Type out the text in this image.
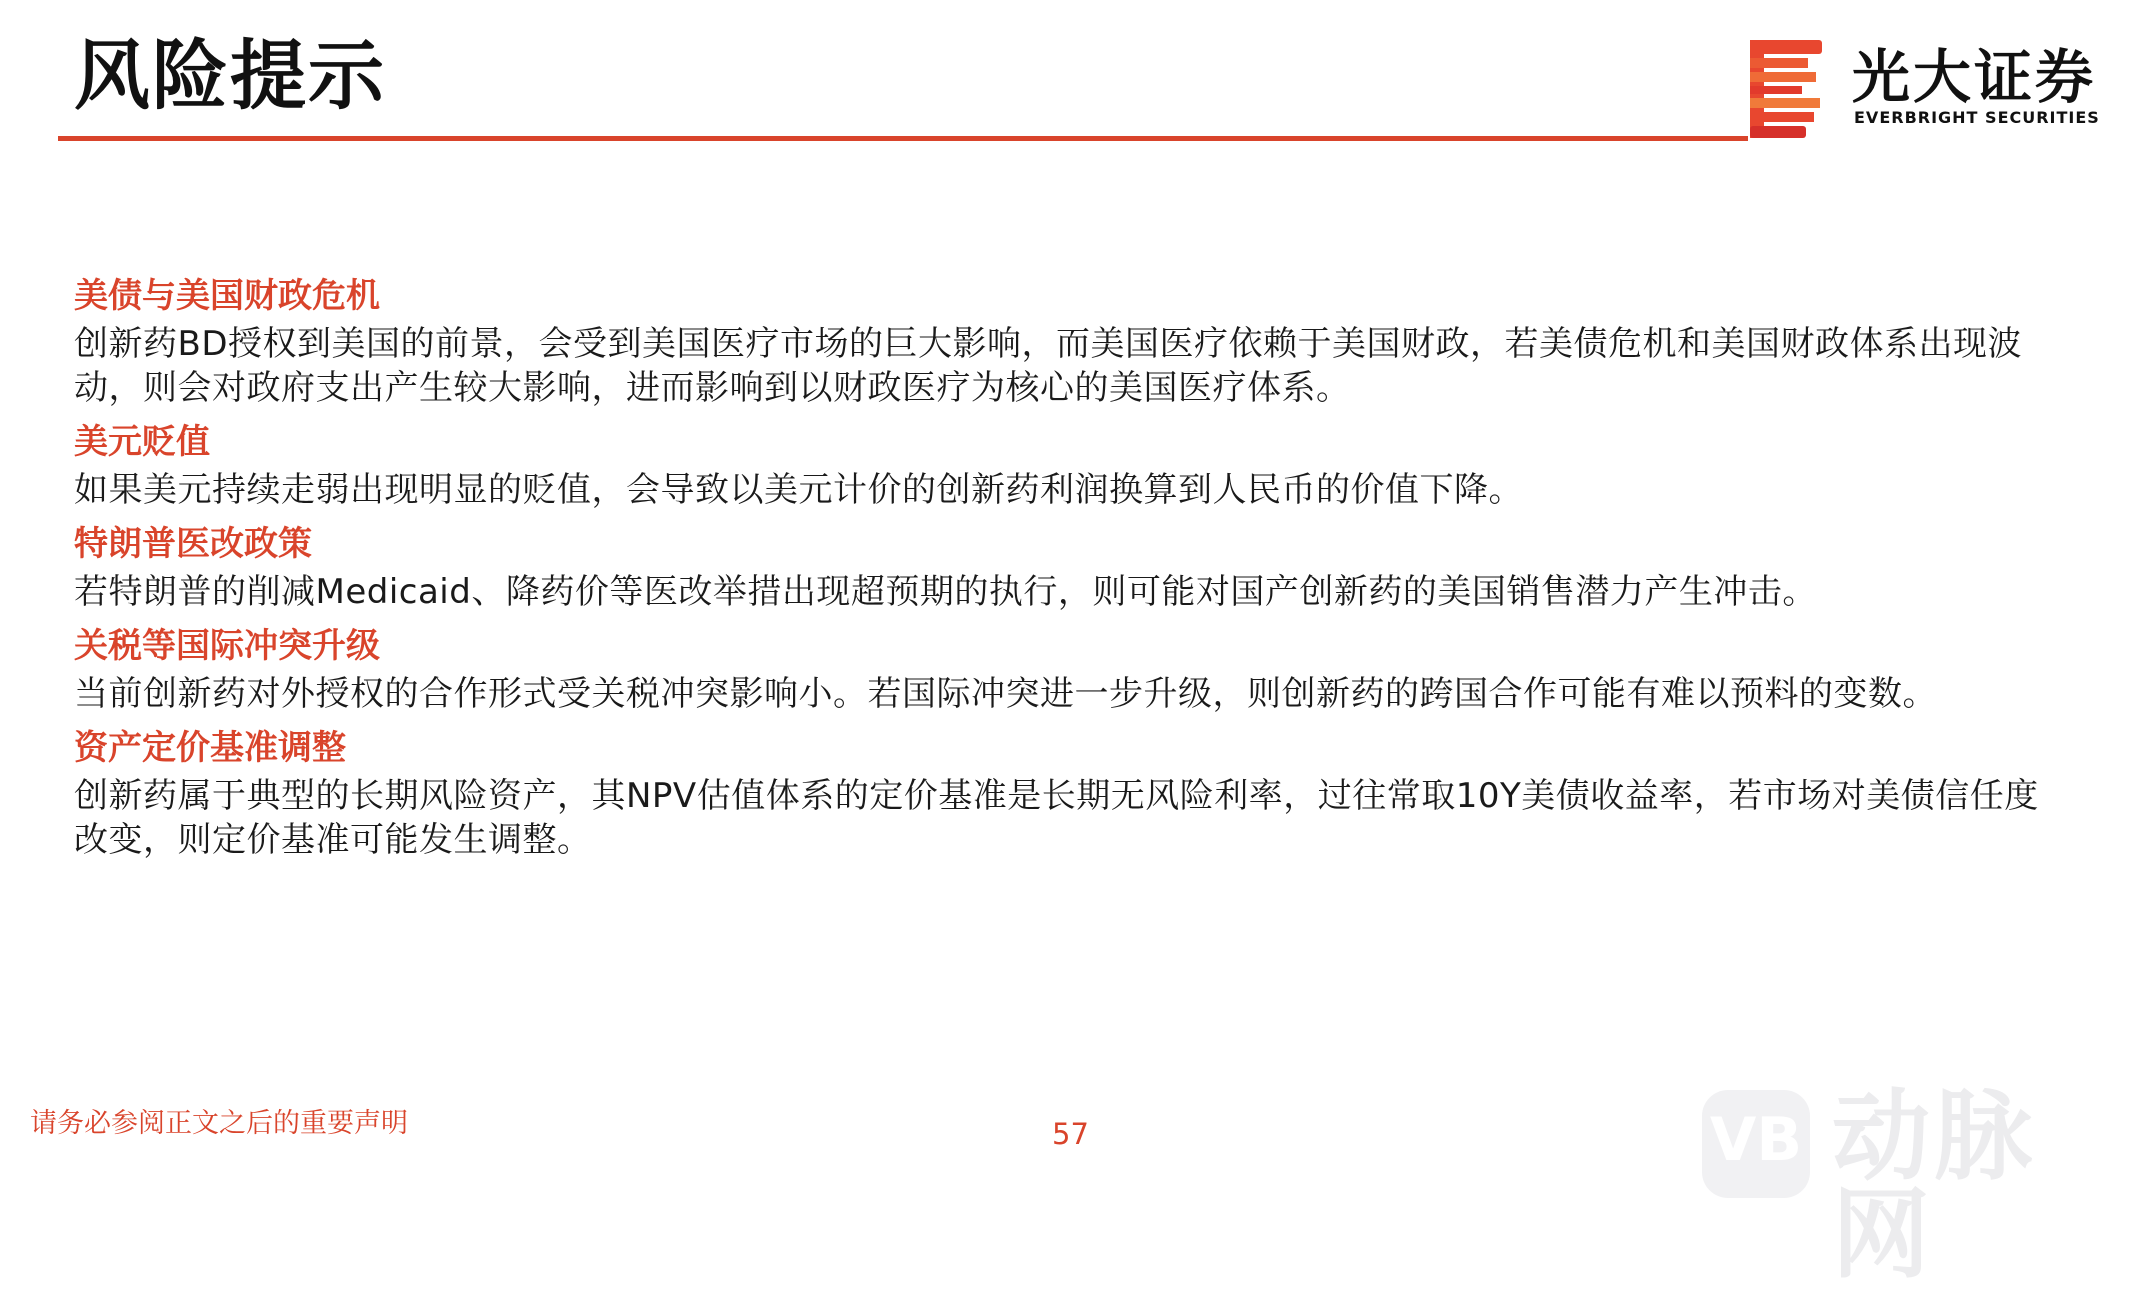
风险提示	光大证券
EVERBRIGHT SECURITIES
美债与美国财政危机
创新药BD授权到美国的前景，会受到美国医疗市场的巨大影响，而美国医疗依赖于美国财政，若美债危机和美国财政体系出现波动，则会对政府支出产生较大影响，进而影响到以财政医疗为核心的美国医疗体系。
美元贬值
如果美元持续走弱出现明显的贬值，会导致以美元计价的创新药利润换算到人民币的价值下降。
特朗普医改政策
若特朗普的削减Medicaid、降药价等医改举措出现超预期的执行，则可能对国产创新药的美国销售潜力产生冲击。
关税等国际冲突升级
当前创新药对外授权的合作形式受关税冲突影响小。若国际冲突进一步升级，则创新药的跨国合作可能有难以预料的变数。
资产定价基准调整
创新药属于典型的长期风险资产，其NPV估值体系的定价基准是长期无风险利率，过往常取10Y美债收益率，若市场对美债信任度改变，则定价基准可能发生调整。
请务必参阅正文之后的重要声明	57	VB 动脉网
